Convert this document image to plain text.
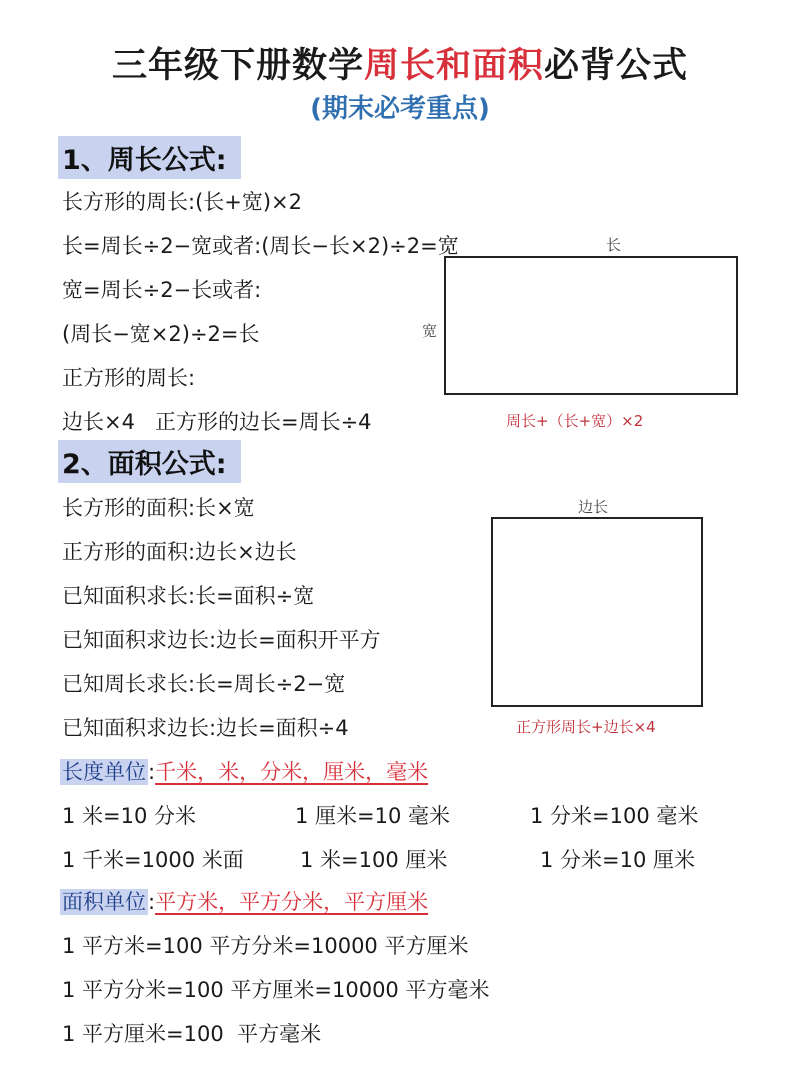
三年级下册数学周长和面积必背公式
(期末必考重点)
1、周长公式:
长方形的周长:(长+宽)×2
长=周长÷2−宽或者:(周长−长×2)÷2=宽
宽=周长÷2−长或者:
(周长−宽×2)÷2=长
正方形的周长:
边长×4   正方形的边长=周长÷4
长
宽
周长+（长+宽）×2
2、面积公式:
长方形的面积:长×宽
正方形的面积:边长×边长
已知面积求长:长=面积÷宽
已知面积求边长:边长=面积开平方
已知周长求长:长=周长÷2−宽
已知面积求边长:边长=面积÷4
边长
正方形周长+边长×4
长度单位:千米，米，分米，厘米，毫米
1 米=10 分米	1 厘米=10 毫米	1 分米=100 毫米
1 千米=1000 米面	1 米=100 厘米	1 分米=10 厘米
面积单位:平方米，平方分米，平方厘米
1 平方米=100 平方分米=10000 平方厘米
1 平方分米=100 平方厘米=10000 平方毫米
1 平方厘米=100  平方毫米
